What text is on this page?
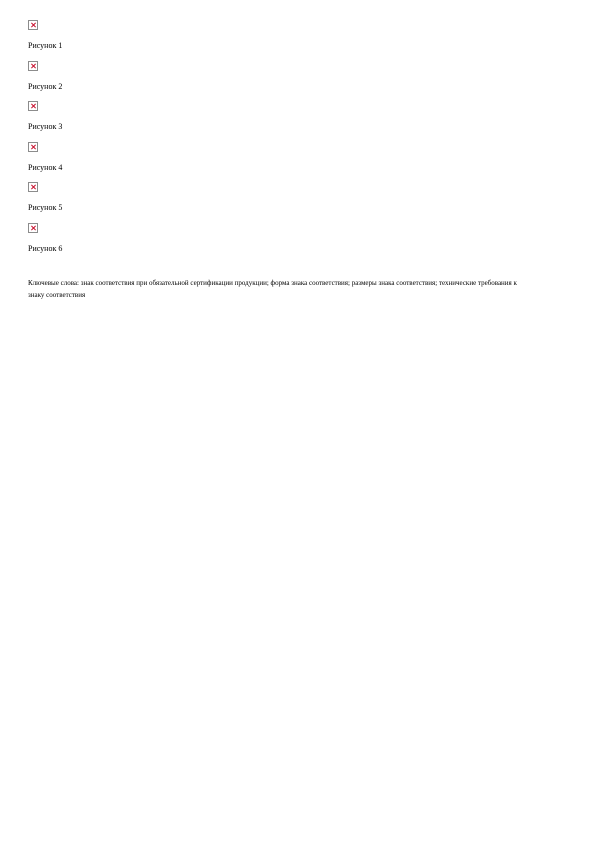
Рисунок 1
Рисунок 2
Рисунок 3
Рисунок 4
Рисунок 5
Рисунок 6

Ключевые слова: знак соответствия при обязательной сертификации продукции; форма знака соответствия; размеры знака соответствия; технические требования к знаку соответствия
